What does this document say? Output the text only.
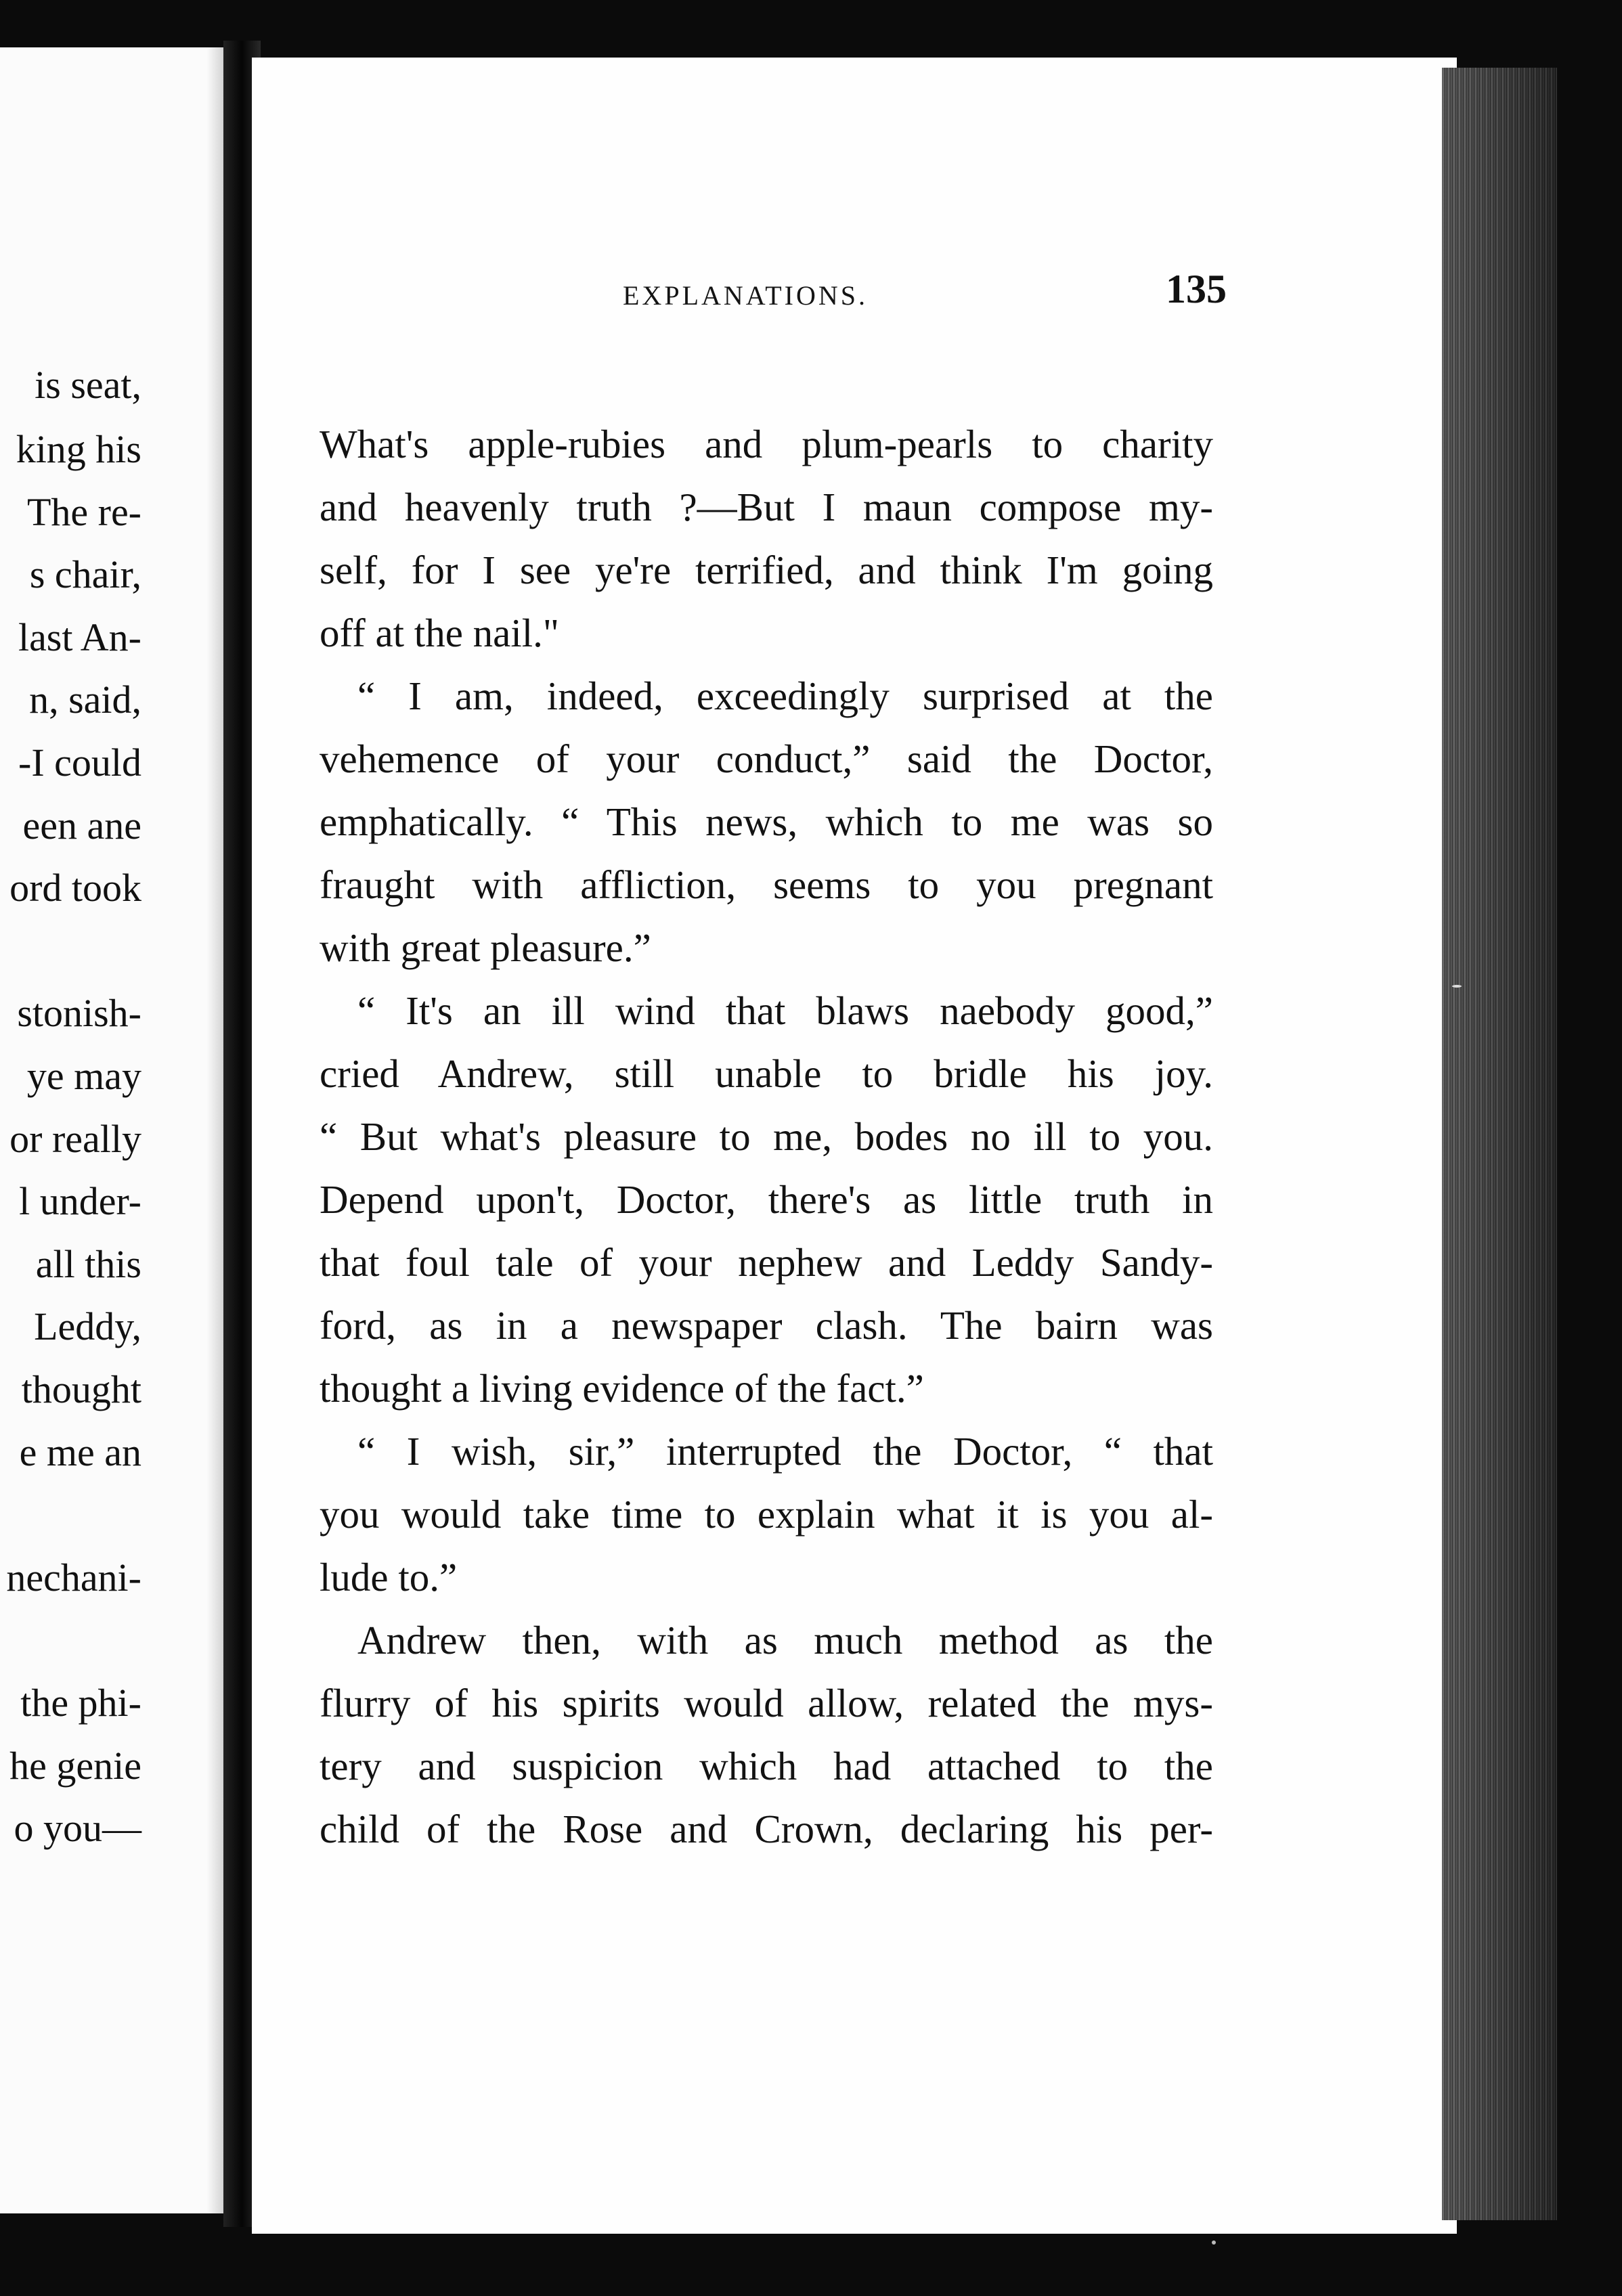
is seat,
king his
The re-
s chair,
last An-
n, said,
-I could
een ane
ord took
stonish-
ye may
or really
l under-
all this
Leddy,
thought
e me an
nechani-
the phi-
he genie
o you—
EXPLANATIONS.	135
What's apple-rubies and plum-pearls to charity
and heavenly truth ?—But I maun compose my-
self, for I see ye're terrified, and think I'm going
off at the nail."
“ I am, indeed, exceedingly surprised at the
vehemence of your conduct,” said the Doctor,
emphatically. “ This news, which to me was so
fraught with affliction, seems to you pregnant
with great pleasure.”
“ It's an ill wind that blaws naebody good,”
cried Andrew, still unable to bridle his joy.
“ But what's pleasure to me, bodes no ill to you.
Depend upon't, Doctor, there's as little truth in
that foul tale of your nephew and Leddy Sandy-
ford, as in a newspaper clash. The bairn was
thought a living evidence of the fact.”
“ I wish, sir,” interrupted the Doctor, “ that
you would take time to explain what it is you al-
lude to.”
Andrew then, with as much method as the
flurry of his spirits would allow, related the mys-
tery and suspicion which had attached to the
child of the Rose and Crown, declaring his per-
